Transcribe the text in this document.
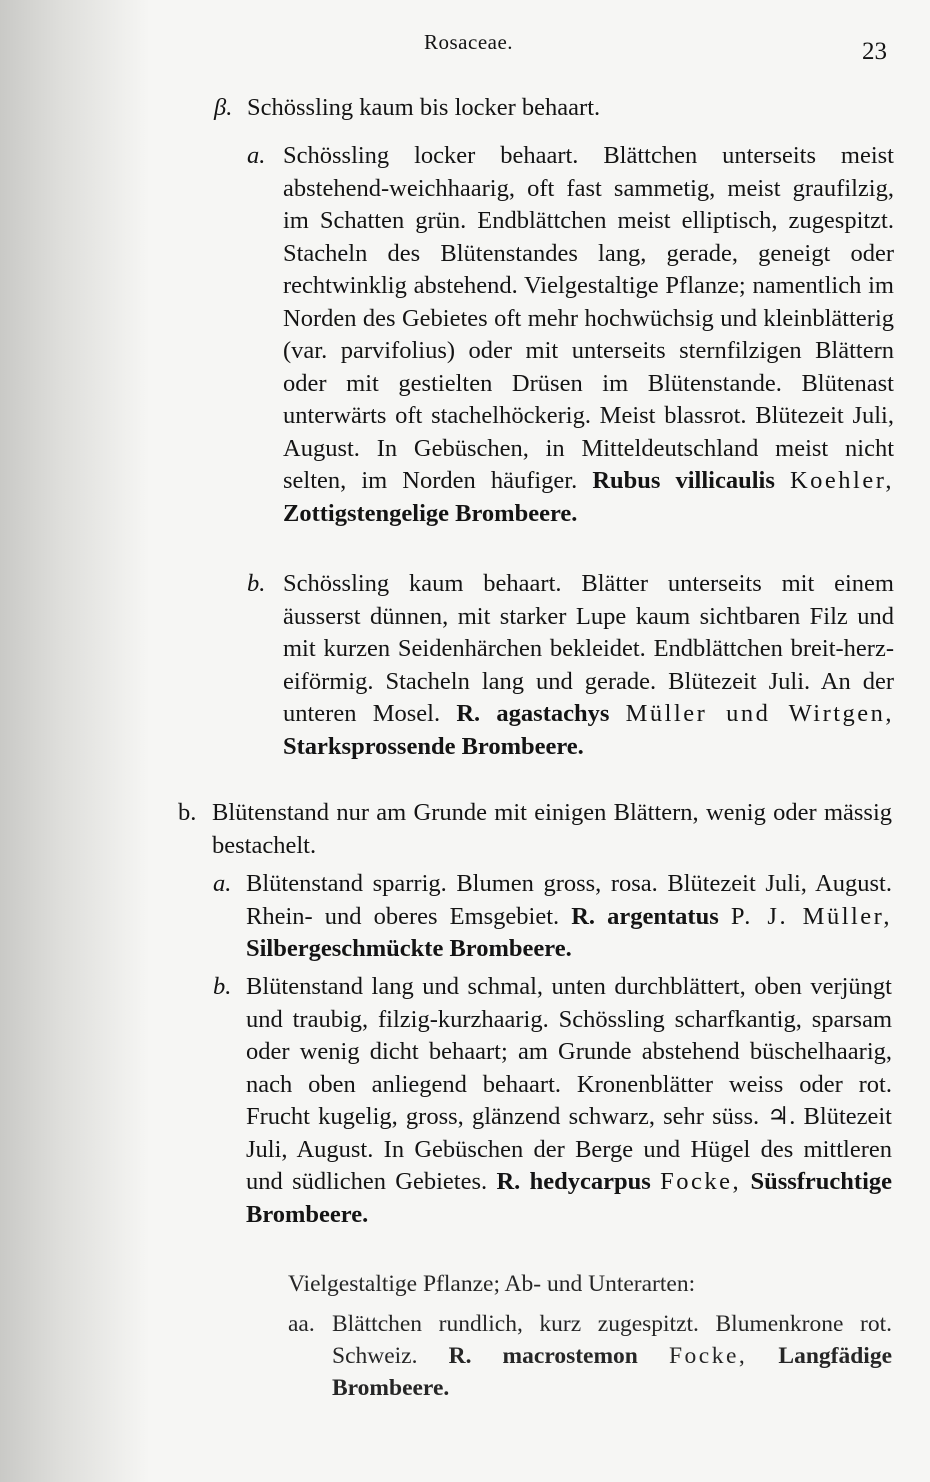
Rosaceae.	23
β. Schössling kaum bis locker behaart.
a. Schössling locker behaart. Blättchen unterseits meist abstehend-weichhaarig, oft fast sammetig, meist graufilzig, im Schatten grün. Endblättchen meist elliptisch, zugespitzt. Stacheln des Blütenstandes lang, gerade, geneigt oder rechtwinklig abstehend. Vielgestaltige Pflanze; namentlich im Norden des Gebietes oft mehr hochwüchsig und kleinblätterig (var. parvifolius) oder mit unterseits sternfilzigen Blättern oder mit gestielten Drüsen im Blütenstande. Blütenast unterwärts oft stachelhöckerig. Meist blassrot. Blütezeit Juli, August. In Gebüschen, in Mitteldeutschland meist nicht selten, im Norden häufiger. Rubus villicaulis Koehler, Zottigstengelige Brombeere.
b. Schössling kaum behaart. Blätter unterseits mit einem äusserst dünnen, mit starker Lupe kaum sichtbaren Filz und mit kurzen Seidenhärchen bekleidet. Endblättchen breit-herz-eiförmig. Stacheln lang und gerade. Blütezeit Juli. An der unteren Mosel. R. agastachys Müller und Wirtgen, Starksprossende Brombeere.
b. Blütenstand nur am Grunde mit einigen Blättern, wenig oder mässig bestachelt.
a. Blütenstand sparrig. Blumen gross, rosa. Blütezeit Juli, August. Rhein- und oberes Emsgebiet. R. argentatus P. J. Müller, Silbergeschmückte Brombeere.
b. Blütenstand lang und schmal, unten durchblättert, oben verjüngt und traubig, filzig-kurzhaarig. Schössling scharfkantig, sparsam oder wenig dicht behaart; am Grunde abstehend büschelhaarig, nach oben anliegend behaart. Kronenblätter weiss oder rot. Frucht kugelig, gross, glänzend schwarz, sehr süss. ♃. Blütezeit Juli, August. In Gebüschen der Berge und Hügel des mittleren und südlichen Gebietes. R. hedycarpus Focke, Süssfruchtige Brombeere.
Vielgestaltige Pflanze; Ab- und Unterarten:
aa. Blättchen rundlich, kurz zugespitzt. Blumenkrone rot. Schweiz. R. macrostemon Focke, Langfädige Brombeere.
